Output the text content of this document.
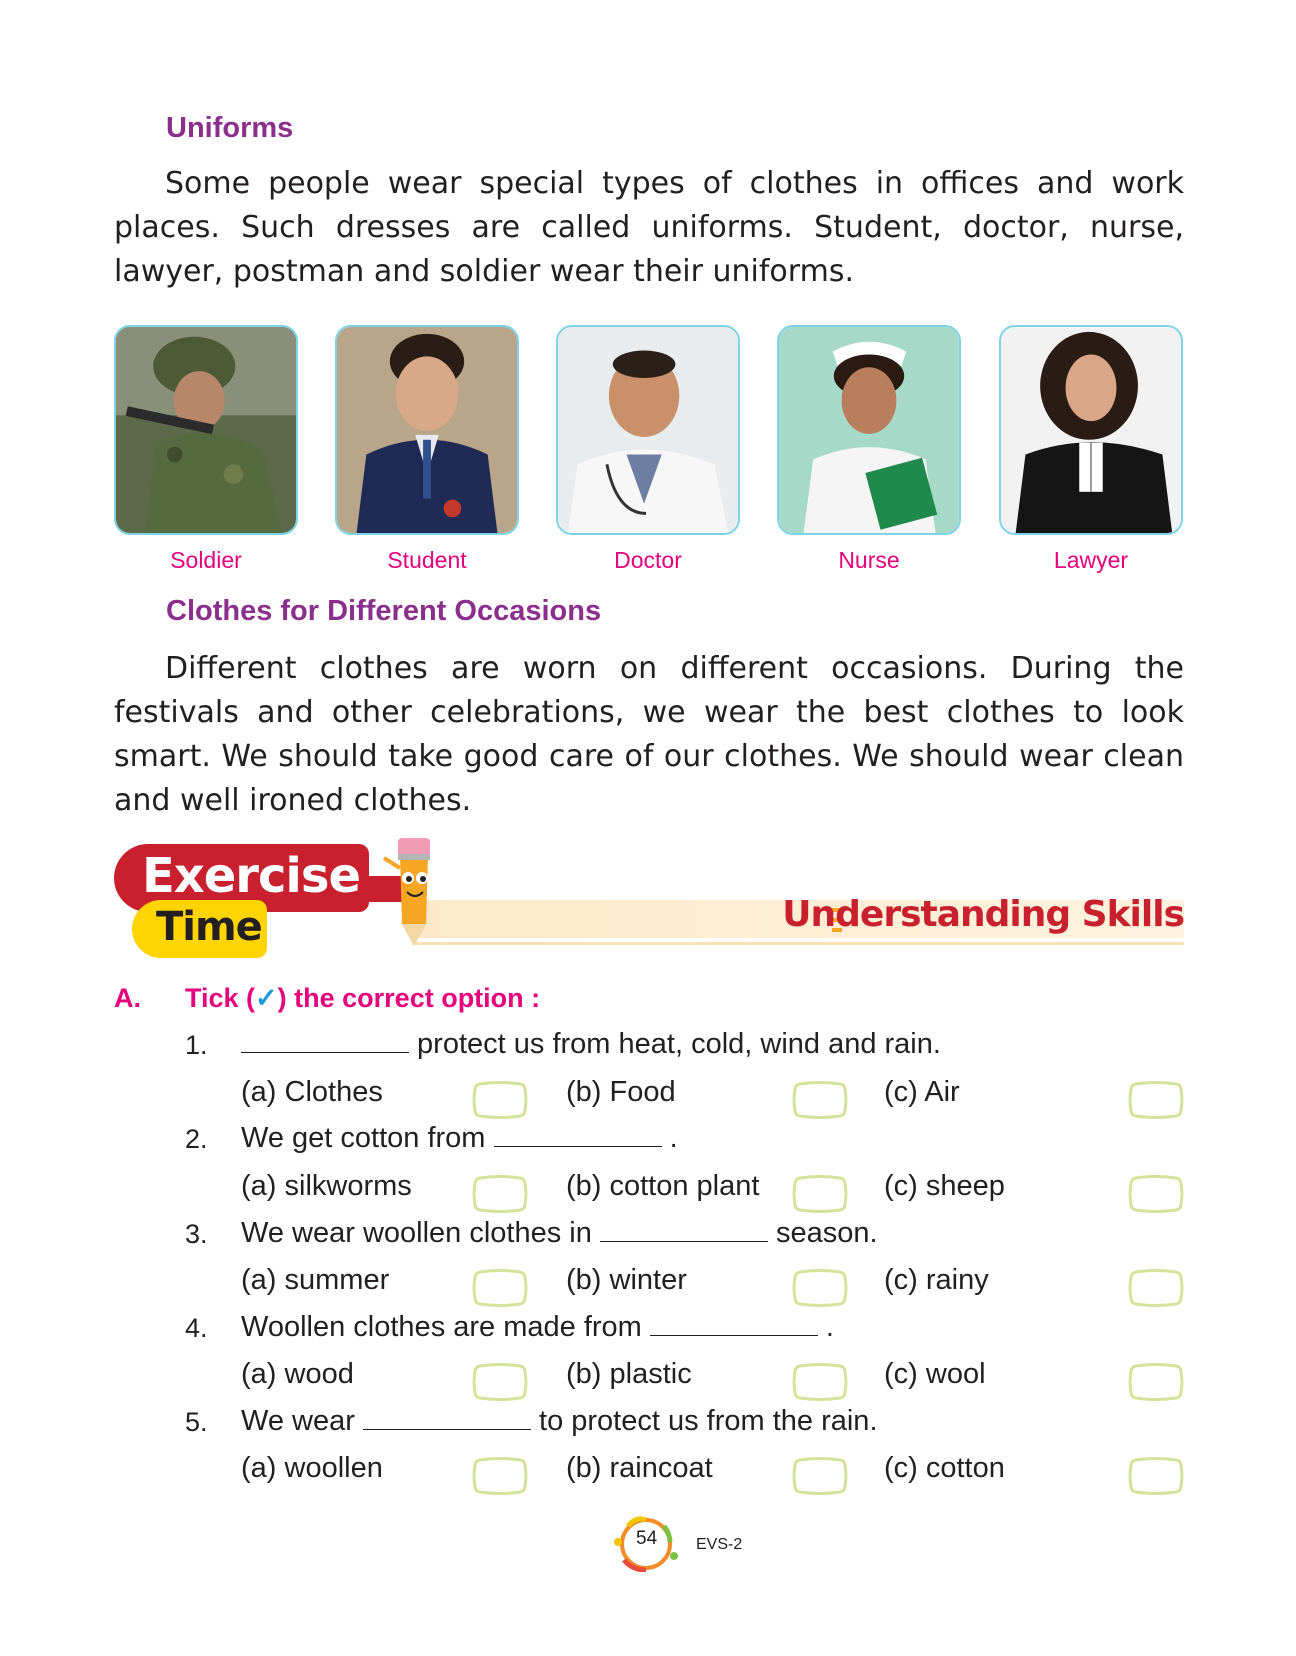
Uniforms

Some people wear special types of clothes in offices and work places. Such dresses are called uniforms. Student, doctor, nurse, lawyer, postman and soldier wear their uniforms.

Soldier	Student	Doctor	Nurse	Lawyer
Clothes for Different Occasions

Different clothes are worn on different occasions. During the festivals and other celebrations, we wear the best clothes to look smart. We should take good care of our clothes. We should wear clean and well ironed clothes.

Exercise
Time	Understanding Skills
A. Tick (✓) the correct option :
1.	protect us from heat, cold, wind and rain.
(a) Clothes	(b) Food	(c) Air
2. We get cotton from	.
(a) silkworms	(b) cotton plant	(c) sheep
3. We wear woollen clothes in	season.
(a) summer	(b) winter	(c) rainy
4. Woollen clothes are made from	.
(a) wood	(b) plastic	(c) wool
5. We wear	to protect us from the rain.
(a) woollen	(b) raincoat	(c) cotton
54 EVS-2
